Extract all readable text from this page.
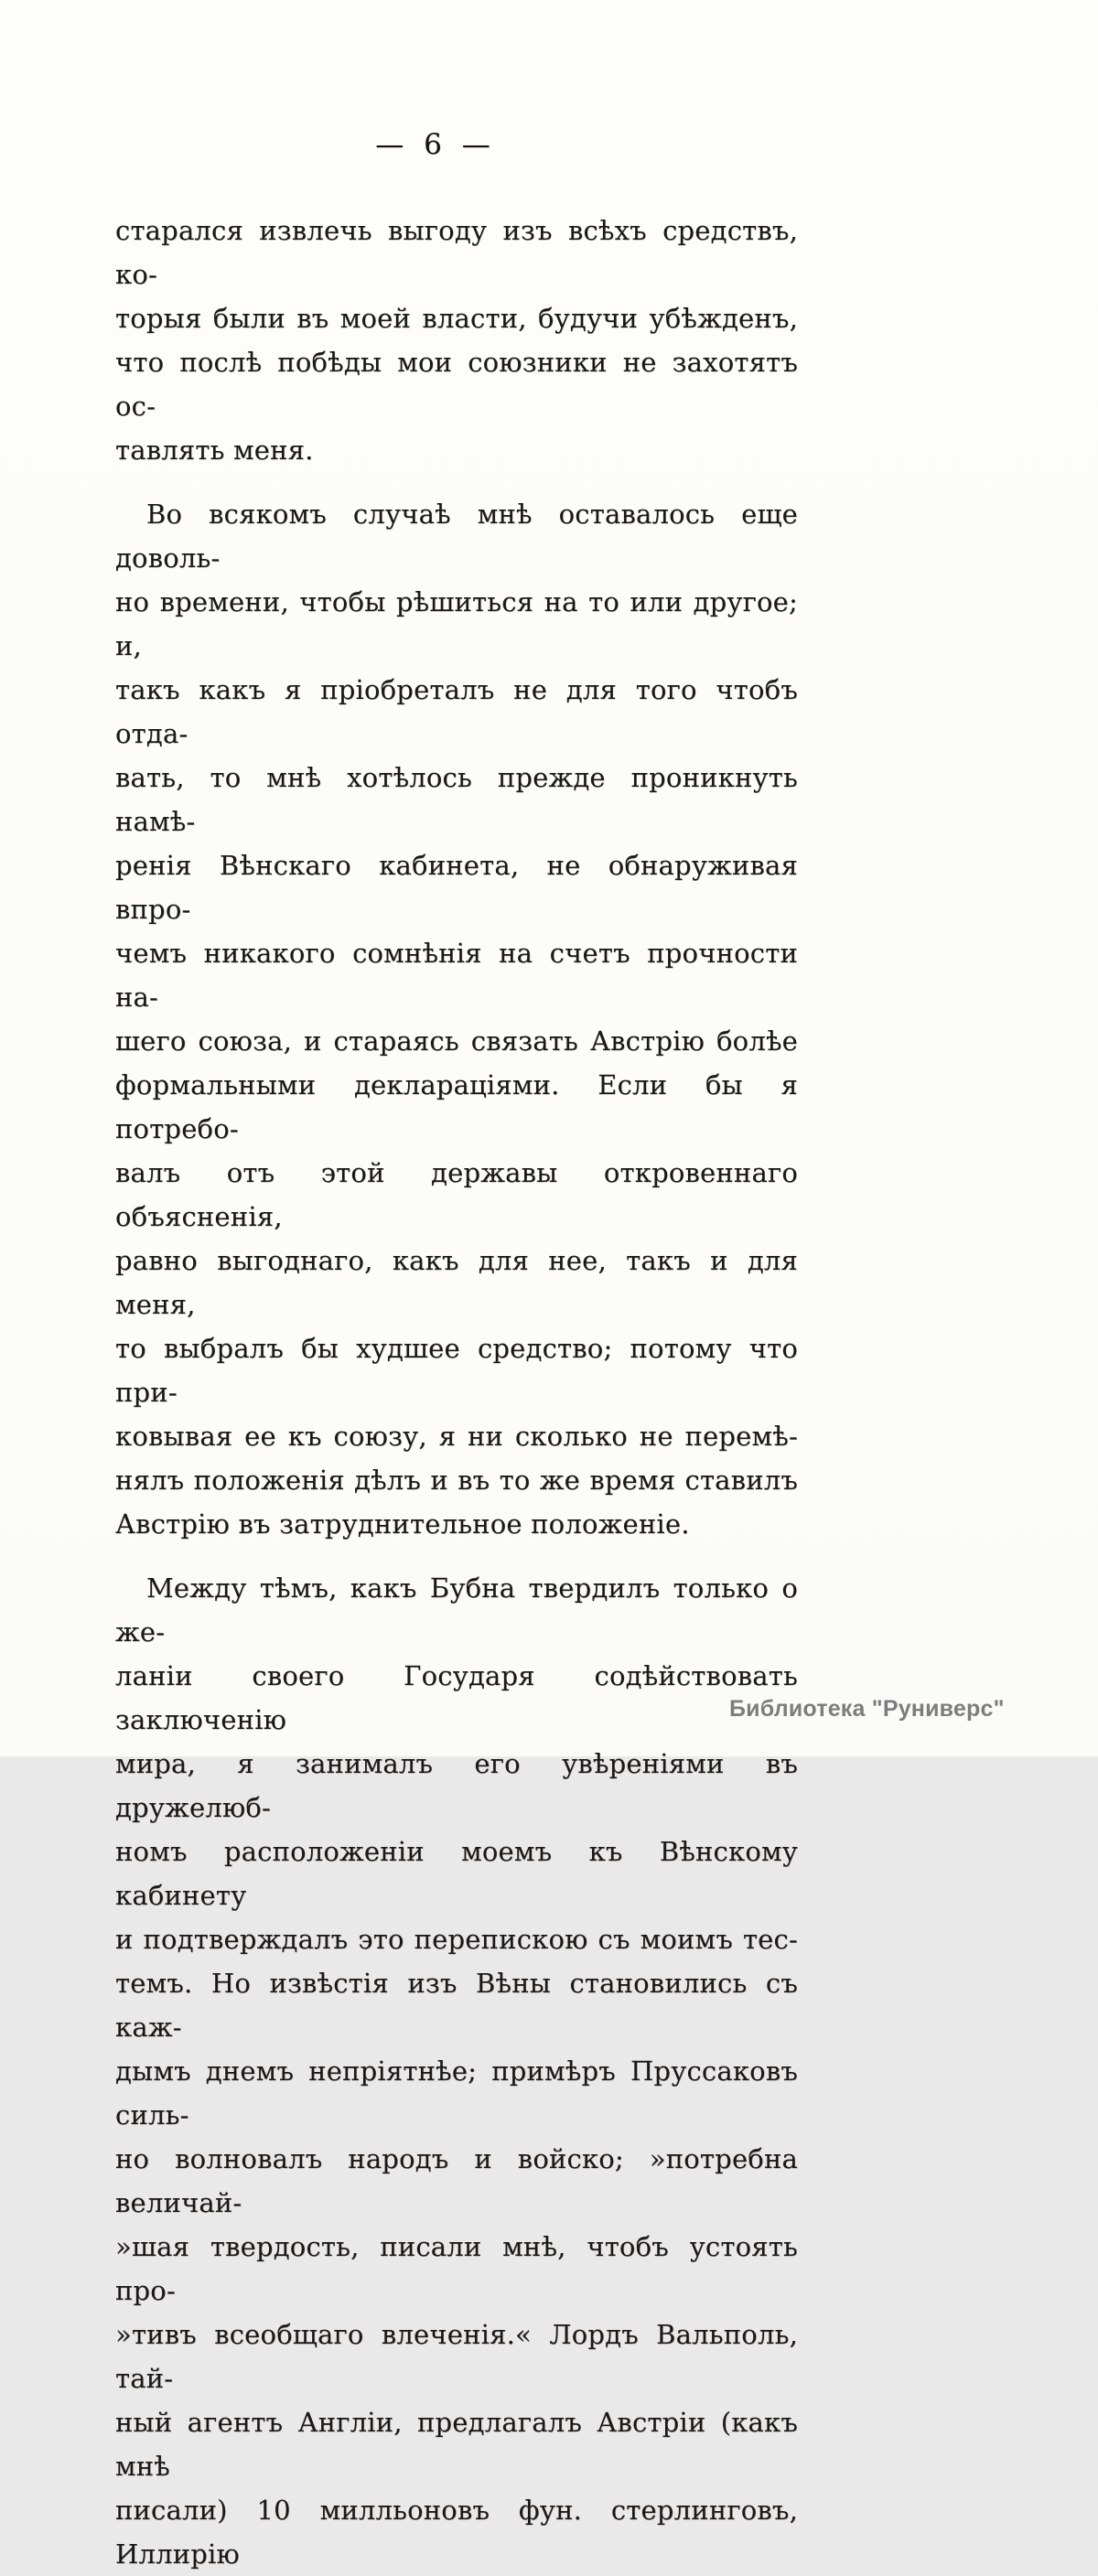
— 6 —
старался извлечь выгоду изъ всѣхъ средствъ, ко-
торыя были въ моей власти, будучи убѣжденъ,
что послѣ побѣды мои союзники не захотятъ ос-
тавлять меня.
Во всякомъ случаѣ мнѣ оставалось еще доволь-
но времени, чтобы рѣшиться на то или другое; и,
такъ какъ я пріобреталъ не для того чтобъ отда-
вать, то мнѣ хотѣлось прежде проникнуть намѣ-
ренія Вѣнскаго кабинета, не обнаруживая впро-
чемъ никакого сомнѣнія на счетъ прочности на-
шего союза, и стараясь связать Австрію болѣе
формальными деклараціями. Если бы я потребо-
валъ отъ этой державы откровеннаго объясненія,
равно выгоднаго, какъ для нее, такъ и для меня,
то выбралъ бы худшее средство; потому что при-
ковывая ее къ союзу, я ни сколько не перемѣ-
нялъ положенія дѣлъ и въ то же время ставилъ
Австрію въ затруднительное положеніе.
Между тѣмъ, какъ Бубна твердилъ только о же-
ланіи своего Государя содѣйствовать заключенію
мира, я занималъ его увѣреніями въ дружелюб-
номъ расположеніи моемъ къ Вѣнскому кабинету
и подтверждалъ это перепискою съ моимъ тес-
темъ. Но извѣстія изъ Вѣны становились съ каж-
дымъ днемъ непріятнѣе; примѣръ Пруссаковъ силь-
но волновалъ народъ и войско; »потребна величай-
»шая твердость, писали мнѣ, чтобъ устоять про-
»тивъ всеобщаго влеченія.« Лордъ Вальполь, тай-
ный агентъ Англіи, предлагалъ Австріи (какъ мнѣ
писали) 10 милльоновъ фун. стерлинговъ, Иллирію
Библиотека "Руниверс"
